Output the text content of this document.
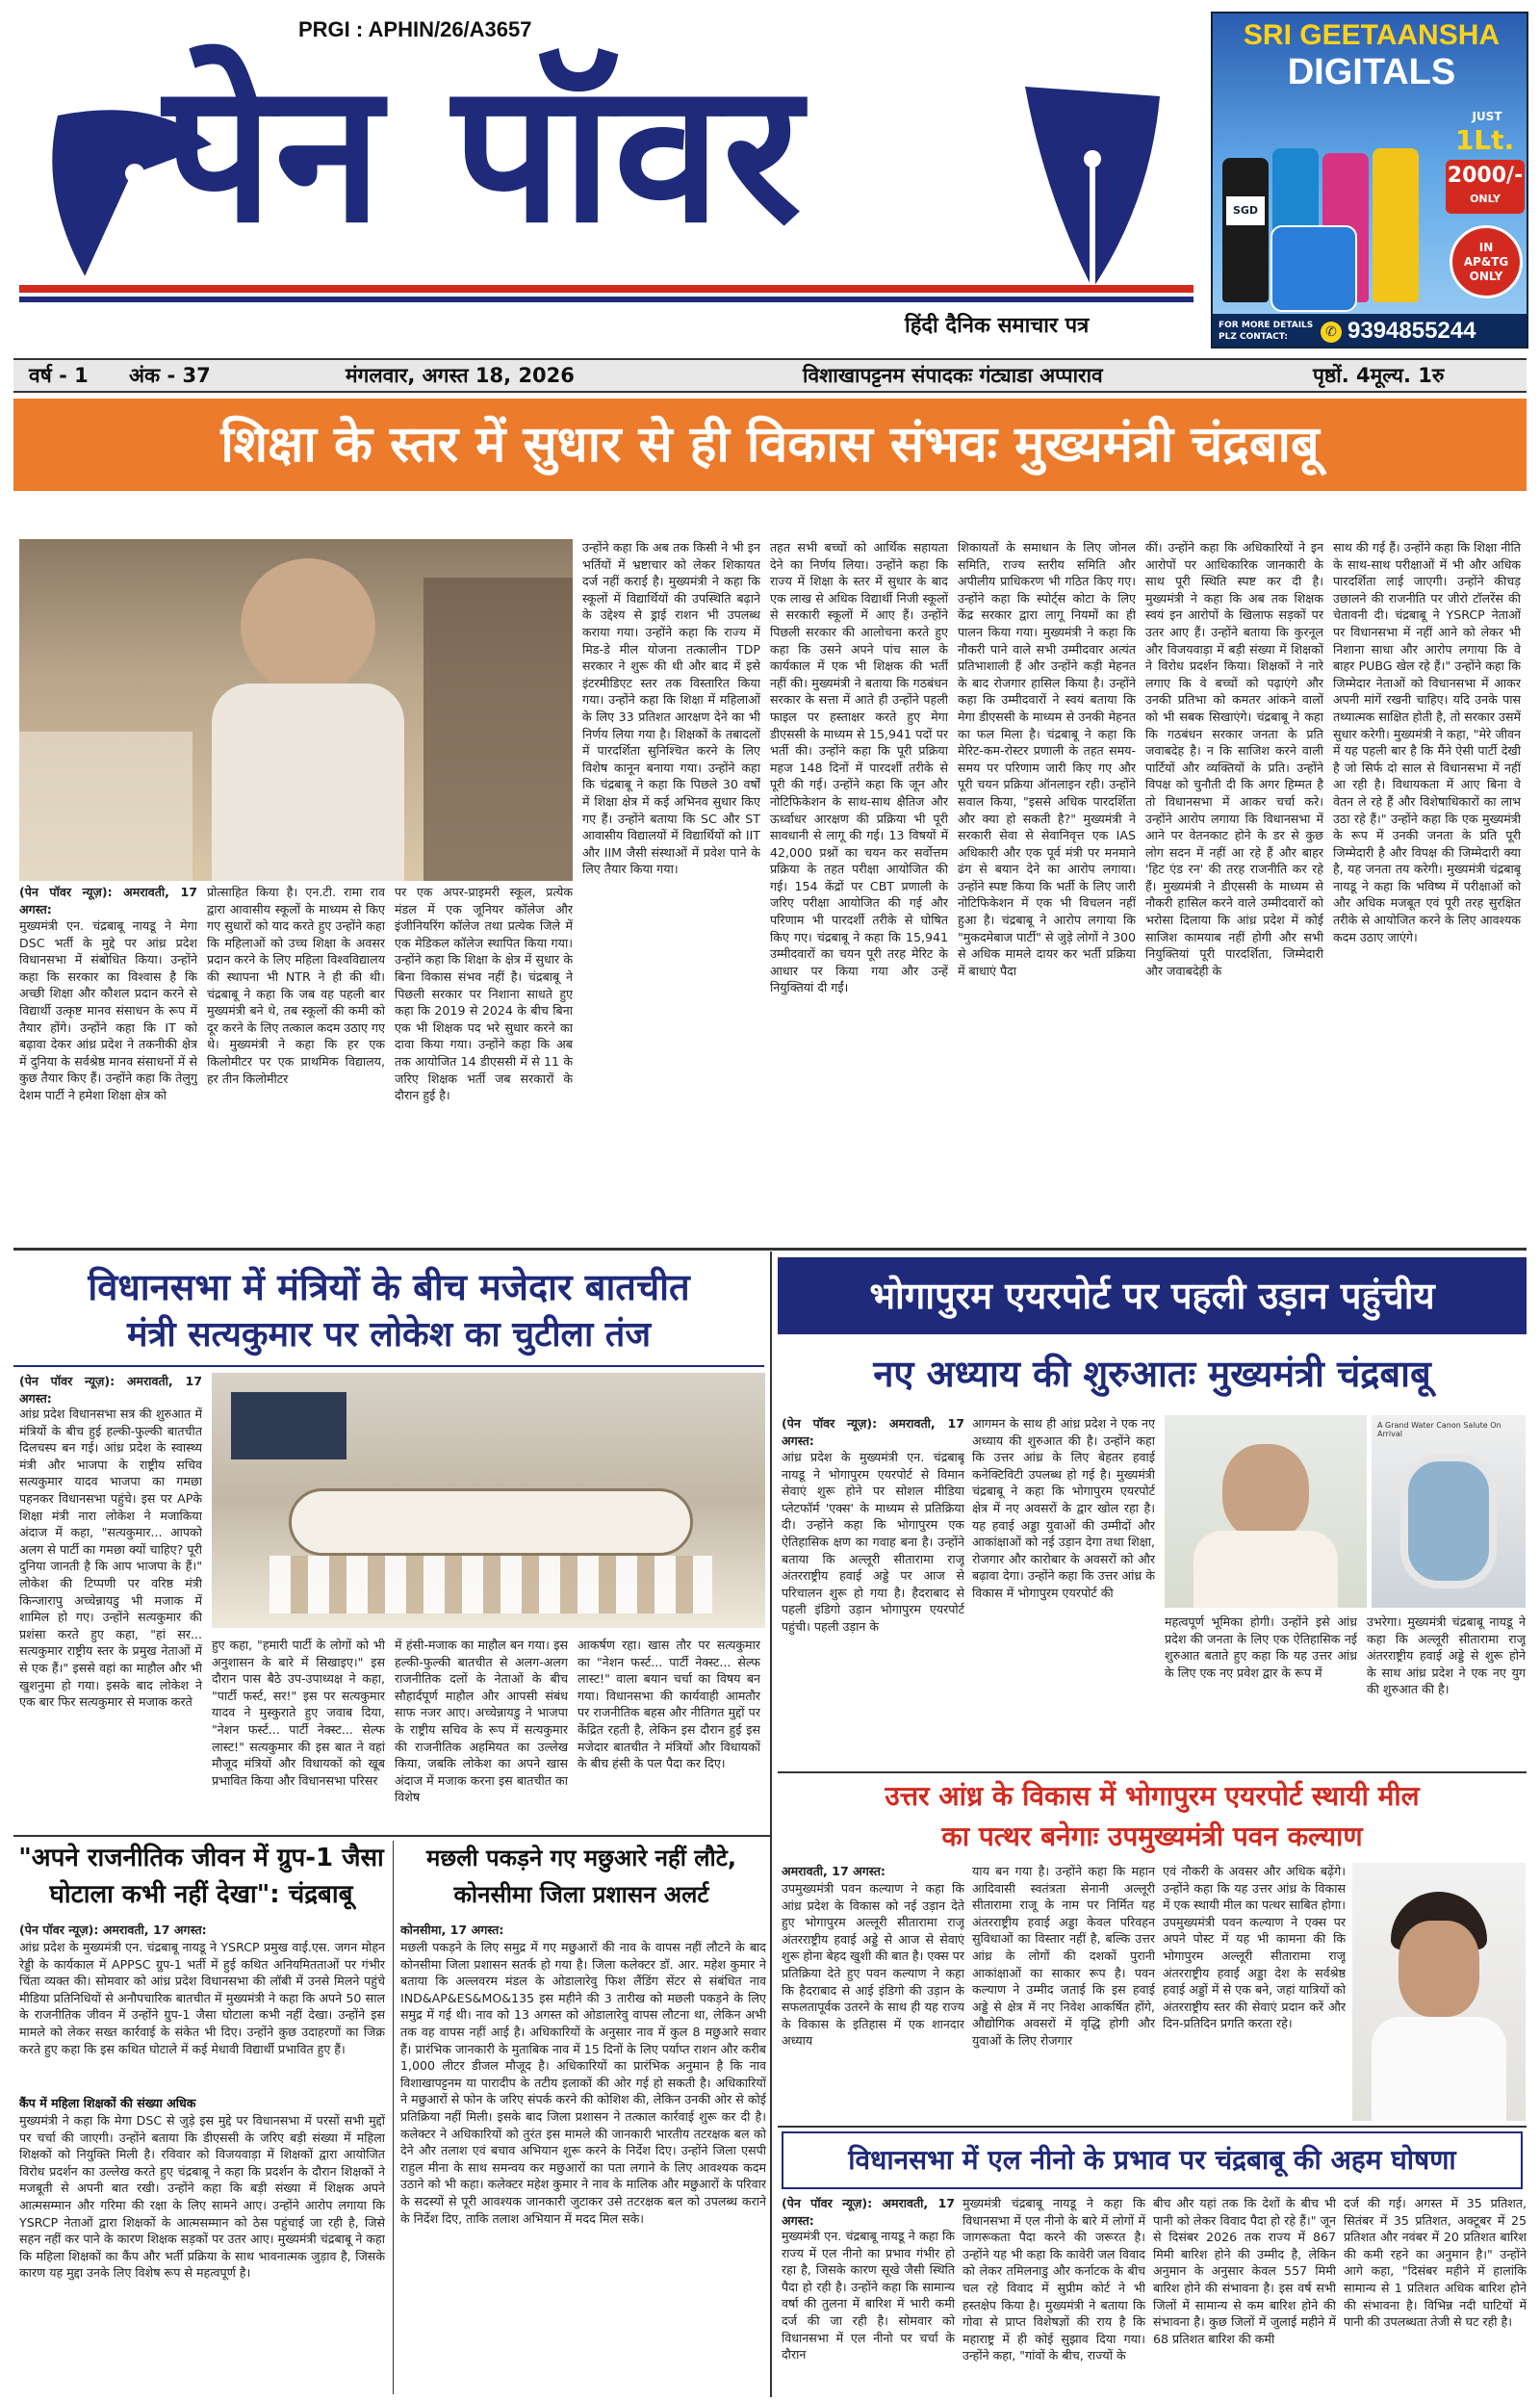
PRGI : APHIN/26/A3657
पेन पॉवर
हिंदी दैनिक समाचार पत्र
SRI GEETAANSHA
DIGITALS
SGD
JUST
1Lt.
2000/-
ONLY
IN AP&TG ONLY
FOR MORE DETAILS PLZ CONTACT:	✆ 9394855244
वर्ष - 1 अंक - 37	मंगलवार, अगस्त 18, 2026	विशाखापट्टनम संपादकः गंट्याडा अप्पाराव	पृष्ठों. 4मूल्य. 1रु
शिक्षा के स्तर में सुधार से ही विकास संभवः मुख्यमंत्री चंद्रबाबू
(पेन पॉवर न्यूज़): अमरावती, 17 अगस्त:
मुख्यमंत्री एन. चंद्रबाबू नायडू ने मेगा DSC भर्ती के मुद्दे पर आंध्र प्रदेश विधानसभा में संबोधित किया। उन्होंने कहा कि सरकार का विश्वास है कि अच्छी शिक्षा और कौशल प्रदान करने से विद्यार्थी उत्कृष्ट मानव संसाधन के रूप में तैयार होंगे। उन्होंने कहा कि IT को बढ़ावा देकर आंध्र प्रदेश ने तकनीकी क्षेत्र में दुनिया के सर्वश्रेष्ठ मानव संसाधनों में से कुछ तैयार किए हैं। उन्होंने कहा कि तेलुगु देशम पार्टी ने हमेशा शिक्षा क्षेत्र को
प्रोत्साहित किया है। एन.टी. रामा राव द्वारा आवासीय स्कूलों के माध्यम से किए गए सुधारों को याद करते हुए उन्होंने कहा कि महिलाओं को उच्च शिक्षा के अवसर प्रदान करने के लिए महिला विश्वविद्यालय की स्थापना भी NTR ने ही की थी। चंद्रबाबू ने कहा कि जब वह पहली बार मुख्यमंत्री बने थे, तब स्कूलों की कमी को दूर करने के लिए तत्काल कदम उठाए गए थे। मुख्यमंत्री ने कहा कि हर एक किलोमीटर पर एक प्राथमिक विद्यालय, हर तीन किलोमीटर
पर एक अपर-प्राइमरी स्कूल, प्रत्येक मंडल में एक जूनियर कॉलेज और इंजीनियरिंग कॉलेज तथा प्रत्येक जिले में एक मेडिकल कॉलेज स्थापित किया गया। उन्होंने कहा कि शिक्षा के क्षेत्र में सुधार के बिना विकास संभव नहीं है। चंद्रबाबू ने पिछली सरकार पर निशाना साधते हुए कहा कि 2019 से 2024 के बीच बिना एक भी शिक्षक पद भरे सुधार करने का दावा किया गया। उन्होंने कहा कि अब तक आयोजित 14 डीएससी में से 11 के जरिए शिक्षक भर्ती जब सरकारों के दौरान हुई है।
उन्होंने कहा कि अब तक किसी ने भी इन भर्तियों में भ्रष्टाचार को लेकर शिकायत दर्ज नहीं कराई है। मुख्यमंत्री ने कहा कि स्कूलों में विद्यार्थियों की उपस्थिति बढ़ाने के उद्देश्य से ड्राई राशन भी उपलब्ध कराया गया। उन्होंने कहा कि राज्य में मिड-डे मील योजना तत्कालीन TDP सरकार ने शुरू की थी और बाद में इसे इंटरमीडिएट स्तर तक विस्तारित किया गया। उन्होंने कहा कि शिक्षा में महिलाओं के लिए 33 प्रतिशत आरक्षण देने का भी निर्णय लिया गया है। शिक्षकों के तबादलों में पारदर्शिता सुनिश्चित करने के लिए विशेष कानून बनाया गया। उन्होंने कहा कि चंद्रबाबू ने कहा कि पिछले 30 वर्षों में शिक्षा क्षेत्र में कई अभिनव सुधार किए गए हैं। उन्होंने बताया कि SC और ST आवासीय विद्यालयों में विद्यार्थियों को IIT और IIM जैसी संस्थाओं में प्रवेश पाने के लिए तैयार किया गया।
तहत सभी बच्चों को आर्थिक सहायता देने का निर्णय लिया। उन्होंने कहा कि राज्य में शिक्षा के स्तर में सुधार के बाद एक लाख से अधिक विद्यार्थी निजी स्कूलों से सरकारी स्कूलों में आए हैं। उन्होंने पिछली सरकार की आलोचना करते हुए कहा कि उसने अपने पांच साल के कार्यकाल में एक भी शिक्षक की भर्ती नहीं की। मुख्यमंत्री ने बताया कि गठबंधन सरकार के सत्ता में आते ही उन्होंने पहली फाइल पर हस्ताक्षर करते हुए मेगा डीएससी के माध्यम से 15,941 पदों पर भर्ती की। उन्होंने कहा कि पूरी प्रक्रिया महज 148 दिनों में पारदर्शी तरीके से पूरी की गई। उन्होंने कहा कि जून और नोटिफिकेशन के साथ-साथ क्षैतिज और ऊर्ध्वाधर आरक्षण की प्रक्रिया भी पूरी सावधानी से लागू की गई। 13 विषयों में 42,000 प्रश्नों का चयन कर सर्वोत्तम प्रक्रिया के तहत परीक्षा आयोजित की गई। 154 केंद्रों पर CBT प्रणाली के जरिए परीक्षा आयोजित की गई और परिणाम भी पारदर्शी तरीके से घोषित किए गए। चंद्रबाबू ने कहा कि 15,941 उम्मीदवारों का चयन पूरी तरह मेरिट के आधार पर किया गया और उन्हें नियुक्तियां दी गईं।
शिकायतों के समाधान के लिए जोनल समिति, राज्य स्तरीय समिति और अपीलीय प्राधिकरण भी गठित किए गए। उन्होंने कहा कि स्पोर्ट्स कोटा के लिए केंद्र सरकार द्वारा लागू नियमों का ही पालन किया गया। मुख्यमंत्री ने कहा कि नौकरी पाने वाले सभी उम्मीदवार अत्यंत प्रतिभाशाली हैं और उन्होंने कड़ी मेहनत के बाद रोजगार हासिल किया है। उन्होंने कहा कि उम्मीदवारों ने स्वयं बताया कि मेगा डीएससी के माध्यम से उनकी मेहनत का फल मिला है। चंद्रबाबू ने कहा कि मेरिट-कम-रोस्टर प्रणाली के तहत समय-समय पर परिणाम जारी किए गए और पूरी चयन प्रक्रिया ऑनलाइन रही। उन्होंने सवाल किया, "इससे अधिक पारदर्शिता और क्या हो सकती है?" मुख्यमंत्री ने सरकारी सेवा से सेवानिवृत्त एक IAS अधिकारी और एक पूर्व मंत्री पर मनमाने ढंग से बयान देने का आरोप लगाया। उन्होंने स्पष्ट किया कि भर्ती के लिए जारी नोटिफिकेशन में एक भी विचलन नहीं हुआ है। चंद्रबाबू ने आरोप लगाया कि "मुकदमेबाज पार्टी" से जुड़े लोगों ने 300 से अधिक मामले दायर कर भर्ती प्रक्रिया में बाधाएं पैदा
कीं। उन्होंने कहा कि अधिकारियों ने इन आरोपों पर आधिकारिक जानकारी के साथ पूरी स्थिति स्पष्ट कर दी है। मुख्यमंत्री ने कहा कि अब तक शिक्षक स्वयं इन आरोपों के खिलाफ सड़कों पर उतर आए हैं। उन्होंने बताया कि कुरनूल और विजयवाड़ा में बड़ी संख्या में शिक्षकों ने विरोध प्रदर्शन किया। शिक्षकों ने नारे लगाए कि वे बच्चों को पढ़ाएंगे और उनकी प्रतिभा को कमतर आंकने वालों को भी सबक सिखाएंगे। चंद्रबाबू ने कहा कि गठबंधन सरकार जनता के प्रति जवाबदेह है। न कि साजिश करने वाली पार्टियों और व्यक्तियों के प्रति। उन्होंने विपक्ष को चुनौती दी कि अगर हिम्मत है तो विधानसभा में आकर चर्चा करे। उन्होंने आरोप लगाया कि विधानसभा में आने पर वेतनकाट होने के डर से कुछ लोग सदन में नहीं आ रहे हैं और बाहर 'हिट एंड रन' की तरह राजनीति कर रहे हैं। मुख्यमंत्री ने डीएससी के माध्यम से नौकरी हासिल करने वाले उम्मीदवारों को भरोसा दिलाया कि आंध्र प्रदेश में कोई साजिश कामयाब नहीं होगी और सभी नियुक्तियां पूरी पारदर्शिता, जिम्मेदारी और जवाबदेही के
साथ की गई हैं। उन्होंने कहा कि शिक्षा नीति के साथ-साथ परीक्षाओं में भी और अधिक पारदर्शिता लाई जाएगी। उन्होंने कीचड़ उछालने की राजनीति पर जीरो टॉलरेंस की चेतावनी दी। चंद्रबाबू ने YSRCP नेताओं पर विधानसभा में नहीं आने को लेकर भी निशाना साधा और आरोप लगाया कि वे बाहर PUBG खेल रहे हैं।" उन्होंने कहा कि जिम्मेदार नेताओं को विधानसभा में आकर अपनी मांगें रखनी चाहिए। यदि उनके पास तथ्यात्मक साक्षित होती है, तो सरकार उसमें सुधार करेगी। मुख्यमंत्री ने कहा, "मेरे जीवन में यह पहली बार है कि मैंने ऐसी पार्टी देखी है जो सिर्फ दो साल से विधानसभा में नहीं आ रही है। विधायकता में आए बिना वे वेतन ले रहे हैं और विशेषाधिकारों का लाभ उठा रहे हैं।" उन्होंने कहा कि एक मुख्यमंत्री के रूप में उनकी जनता के प्रति पूरी जिम्मेदारी है और विपक्ष की जिम्मेदारी क्या है, यह जनता तय करेगी। मुख्यमंत्री चंद्रबाबू नायडू ने कहा कि भविष्य में परीक्षाओं को और अधिक मजबूत एवं पूरी तरह सुरक्षित तरीके से आयोजित करने के लिए आवश्यक कदम उठाए जाएंगे।
विधानसभा में मंत्रियों के बीच मजेदार बातचीत
मंत्री सत्यकुमार पर लोकेश का चुटीला तंज
(पेन पॉवर न्यूज़): अमरावती, 17 अगस्त:
आंध्र प्रदेश विधानसभा सत्र की शुरुआत में मंत्रियों के बीच हुई हल्की-फुल्की बातचीत दिलचस्प बन गई। आंध्र प्रदेश के स्वास्थ्य मंत्री और भाजपा के राष्ट्रीय सचिव सत्यकुमार यादव भाजपा का गमछा पहनकर विधानसभा पहुंचे। इस पर APके शिक्षा मंत्री नारा लोकेश ने मजाकिया अंदाज में कहा, "सत्यकुमार... आपको अलग से पार्टी का गमछा क्यों चाहिए? पूरी दुनिया जानती है कि आप भाजपा के हैं।" लोकेश की टिप्पणी पर वरिष्ठ मंत्री किन्जारापु अच्चेन्नायडु भी मजाक में शामिल हो गए। उन्होंने सत्यकुमार की प्रशंसा करते हुए कहा, "हां सर... सत्यकुमार राष्ट्रीय स्तर के प्रमुख नेताओं में से एक हैं।" इससे वहां का माहौल और भी खुशनुमा हो गया। इसके बाद लोकेश ने एक बार फिर सत्यकुमार से मजाक करते
हुए कहा, "हमारी पार्टी के लोगों को भी अनुशासन के बारे में सिखाइए।" इस दौरान पास बैठे उप-उपाध्यक्ष ने कहा, "पार्टी फर्स्ट, सर!" इस पर सत्यकुमार यादव ने मुस्कुराते हुए जवाब दिया, "नेशन फर्स्ट... पार्टी नेक्स्ट... सेल्फ लास्ट!" सत्यकुमार की इस बात ने वहां मौजूद मंत्रियों और विधायकों को खूब प्रभावित किया और विधानसभा परिसर
में हंसी-मजाक का माहौल बन गया। इस हल्की-फुल्की बातचीत से अलग-अलग राजनीतिक दलों के नेताओं के बीच सौहार्दपूर्ण माहौल और आपसी संबंध साफ नजर आए। अच्चेन्नायडु ने भाजपा के राष्ट्रीय सचिव के रूप में सत्यकुमार की राजनीतिक अहमियत का उल्लेख किया, जबकि लोकेश का अपने खास अंदाज में मजाक करना इस बातचीत का विशेष
आकर्षण रहा। खास तौर पर सत्यकुमार का "नेशन फर्स्ट... पार्टी नेक्स्ट... सेल्फ लास्ट!" वाला बयान चर्चा का विषय बन गया। विधानसभा की कार्यवाही आमतौर पर राजनीतिक बहस और नीतिगत मुद्दों पर केंद्रित रहती है, लेकिन इस दौरान हुई इस मजेदार बातचीत ने मंत्रियों और विधायकों के बीच हंसी के पल पैदा कर दिए।
"अपने राजनीतिक जीवन में ग्रुप-1 जैसा
घोटाला कभी नहीं देखा": चंद्रबाबू
(पेन पॉवर न्यूज़): अमरावती, 17 अगस्त:
आंध्र प्रदेश के मुख्यमंत्री एन. चंद्रबाबू नायडू ने YSRCP प्रमुख वाई.एस. जगन मोहन रेड्डी के कार्यकाल में APPSC ग्रुप-1 भर्ती में हुई कथित अनियमितताओं पर गंभीर चिंता व्यक्त की। सोमवार को आंध्र प्रदेश विधानसभा की लॉबी में उनसे मिलने पहुंचे मीडिया प्रतिनिधियों से अनौपचारिक बातचीत में मुख्यमंत्री ने कहा कि अपने 50 साल के राजनीतिक जीवन में उन्होंने ग्रुप-1 जैसा घोटाला कभी नहीं देखा। उन्होंने इस मामले को लेकर सख्त कार्रवाई के संकेत भी दिए। उन्होंने कुछ उदाहरणों का जिक्र करते हुए कहा कि इस कथित घोटाले में कई मेधावी विद्यार्थी प्रभावित हुए हैं।
कैंप में महिला शिक्षकों की संख्या अधिक
मुख्यमंत्री ने कहा कि मेगा DSC से जुड़े इस मुद्दे पर विधानसभा में परसों सभी मुद्दों पर चर्चा की जाएगी। उन्होंने बताया कि डीएससी के जरिए बड़ी संख्या में महिला शिक्षकों को नियुक्ति मिली है। रविवार को विजयवाड़ा में शिक्षकों द्वारा आयोजित विरोध प्रदर्शन का उल्लेख करते हुए चंद्रबाबू ने कहा कि प्रदर्शन के दौरान शिक्षकों ने मजबूती से अपनी बात रखी। उन्होंने कहा कि बड़ी संख्या में शिक्षक अपने आत्मसम्मान और गरिमा की रक्षा के लिए सामने आए। उन्होंने आरोप लगाया कि YSRCP नेताओं द्वारा शिक्षकों के आत्मसम्मान को ठेस पहुंचाई जा रही है, जिसे सहन नहीं कर पाने के कारण शिक्षक सड़कों पर उतर आए। मुख्यमंत्री चंद्रबाबू ने कहा कि महिला शिक्षकों का कैंप और भर्ती प्रक्रिया के साथ भावनात्मक जुड़ाव है, जिसके कारण यह मुद्दा उनके लिए विशेष रूप से महत्वपूर्ण है।
मछली पकड़ने गए मछुआरे नहीं लौटे,
कोनसीमा जिला प्रशासन अलर्ट
कोनसीमा, 17 अगस्त:
मछली पकड़ने के लिए समुद्र में गए मछुआरों की नाव के वापस नहीं लौटने के बाद कोनसीमा जिला प्रशासन सतर्क हो गया है। जिला कलेक्टर डॉ. आर. महेश कुमार ने बताया कि अल्लवरम मंडल के ओडालारेवु फिश लैंडिंग सेंटर से संबंधित नाव IND&AP&ES&MO&135 इस महीने की 3 तारीख को मछली पकड़ने के लिए समुद्र में गई थी। नाव को 13 अगस्त को ओडालारेवु वापस लौटना था, लेकिन अभी तक वह वापस नहीं आई है। अधिकारियों के अनुसार नाव में कुल 8 मछुआरे सवार हैं। प्रारंभिक जानकारी के मुताबिक नाव में 15 दिनों के लिए पर्याप्त राशन और करीब 1,000 लीटर डीजल मौजूद है। अधिकारियों का प्रारंभिक अनुमान है कि नाव विशाखापट्टनम या पारादीप के तटीय इलाकों की ओर गई हो सकती है। अधिकारियों ने मछुआरों से फोन के जरिए संपर्क करने की कोशिश की, लेकिन उनकी ओर से कोई प्रतिक्रिया नहीं मिली। इसके बाद जिला प्रशासन ने तत्काल कार्रवाई शुरू कर दी है। कलेक्टर ने अधिकारियों को तुरंत इस मामले की जानकारी भारतीय तटरक्षक बल को देने और तलाश एवं बचाव अभियान शुरू करने के निर्देश दिए। उन्होंने जिला एसपी राहुल मीना के साथ समन्वय कर मछुआरों का पता लगाने के लिए आवश्यक कदम उठाने को भी कहा। कलेक्टर महेश कुमार ने नाव के मालिक और मछुआरों के परिवार के सदस्यों से पूरी आवश्यक जानकारी जुटाकर उसे तटरक्षक बल को उपलब्ध कराने के निर्देश दिए, ताकि तलाश अभियान में मदद मिल सके।
भोगापुरम एयरपोर्ट पर पहली उड़ान पहुंचीय
नए अध्याय की शुरुआतः मुख्यमंत्री चंद्रबाबू
(पेन पॉवर न्यूज़): अमरावती, 17 अगस्त:
आंध्र प्रदेश के मुख्यमंत्री एन. चंद्रबाबू नायडू ने भोगापुरम एयरपोर्ट से विमान सेवाएं शुरू होने पर सोशल मीडिया प्लेटफॉर्म 'एक्स' के माध्यम से प्रतिक्रिया दी। उन्होंने कहा कि भोगापुरम एक ऐतिहासिक क्षण का गवाह बना है। उन्होंने बताया कि अल्लूरी सीतारामा राजू अंतरराष्ट्रीय हवाई अड्डे पर आज से परिचालन शुरू हो गया है। हैदराबाद से पहली इंडिगो उड़ान भोगापुरम एयरपोर्ट पहुंची। पहली उड़ान के
आगमन के साथ ही आंध्र प्रदेश ने एक नए अध्याय की शुरुआत की है। उन्होंने कहा कि उत्तर आंध्र के लिए बेहतर हवाई कनेक्टिविटी उपलब्ध हो गई है। मुख्यमंत्री चंद्रबाबू ने कहा कि भोगापुरम एयरपोर्ट क्षेत्र में नए अवसरों के द्वार खोल रहा है। यह हवाई अड्डा युवाओं की उम्मीदों और आकांक्षाओं को नई उड़ान देगा तथा शिक्षा, रोजगार और कारोबार के अवसरों को और बढ़ावा देगा। उन्होंने कहा कि उत्तर आंध्र के विकास में भोगापुरम एयरपोर्ट की
A Grand Water Canon Salute On Arrival
महत्वपूर्ण भूमिका होगी। उन्होंने इसे आंध्र प्रदेश की जनता के लिए एक ऐतिहासिक नई शुरुआत बताते हुए कहा कि यह उत्तर आंध्र के लिए एक नए प्रवेश द्वार के रूप में
उभरेगा। मुख्यमंत्री चंद्रबाबू नायडू ने कहा कि अल्लूरी सीतारामा राजू अंतरराष्ट्रीय हवाई अड्डे से शुरू होने के साथ आंध्र प्रदेश ने एक नए युग की शुरुआत की है।
उत्तर आंध्र के विकास में भोगापुरम एयरपोर्ट स्थायी मील
का पत्थर बनेगाः उपमुख्यमंत्री पवन कल्याण
अमरावती, 17 अगस्त:
उपमुख्यमंत्री पवन कल्याण ने कहा कि आंध्र प्रदेश के विकास को नई उड़ान देते हुए भोगापुरम अल्लूरी सीतारामा राजू अंतरराष्ट्रीय हवाई अड्डे से आज से सेवाएं शुरू होना बेहद खुशी की बात है। एक्स पर प्रतिक्रिया देते हुए पवन कल्याण ने कहा कि हैदराबाद से आई इंडिगो की उड़ान के सफलतापूर्वक उतरने के साथ ही यह राज्य के विकास के इतिहास में एक शानदार अध्याय
याय बन गया है। उन्होंने कहा कि महान आदिवासी स्वतंत्रता सेनानी अल्लूरी सीतारामा राजू के नाम पर निर्मित यह अंतरराष्ट्रीय हवाई अड्डा केवल परिवहन सुविधाओं का विस्तार नहीं है, बल्कि उत्तर आंध्र के लोगों की दशकों पुरानी आकांक्षाओं का साकार रूप है। पवन कल्याण ने उम्मीद जताई कि इस हवाई अड्डे से क्षेत्र में नए निवेश आकर्षित होंगे, औद्योगिक अवसरों में वृद्धि होगी और युवाओं के लिए रोजगार
एवं नौकरी के अवसर और अधिक बढ़ेंगे। उन्होंने कहा कि यह उत्तर आंध्र के विकास में एक स्थायी मील का पत्थर साबित होगा। उपमुख्यमंत्री पवन कल्याण ने एक्स पर अपने पोस्ट में यह भी कामना की कि भोगापुरम अल्लूरी सीतारामा राजू अंतरराष्ट्रीय हवाई अड्डा देश के सर्वश्रेष्ठ हवाई अड्डों में से एक बने, जहां यात्रियों को अंतरराष्ट्रीय स्तर की सेवाएं प्रदान करें और दिन-प्रतिदिन प्रगति करता रहे।
विधानसभा में एल नीनो के प्रभाव पर चंद्रबाबू की अहम घोषणा
(पेन पॉवर न्यूज़): अमरावती, 17 अगस्त:
मुख्यमंत्री एन. चंद्रबाबू नायडू ने कहा कि राज्य में एल नीनो का प्रभाव गंभीर हो रहा है, जिसके कारण सूखे जैसी स्थिति पैदा हो रही है। उन्होंने कहा कि सामान्य वर्षा की तुलना में बारिश में भारी कमी दर्ज की जा रही है। सोमवार को विधानसभा में एल नीनो पर चर्चा के दौरान
मुख्यमंत्री चंद्रबाबू नायडू ने कहा कि विधानसभा में एल नीनो के बारे में लोगों में जागरूकता पैदा करने की जरूरत है। उन्होंने यह भी कहा कि कावेरी जल विवाद को लेकर तमिलनाडु और कर्नाटक के बीच चल रहे विवाद में सुप्रीम कोर्ट ने भी हस्तक्षेप किया है। मुख्यमंत्री ने बताया कि गोवा से प्राप्त विशेषज्ञों की राय है कि महाराष्ट्र में ही कोई सुझाव दिया गया। उन्होंने कहा, "गांवों के बीच, राज्यों के
बीच और यहां तक कि देशों के बीच भी पानी को लेकर विवाद पैदा हो रहे हैं।" जून से दिसंबर 2026 तक राज्य में 867 मिमी बारिश होने की उम्मीद है, लेकिन अनुमान के अनुसार केवल 557 मिमी बारिश होने की संभावना है। इस वर्ष सभी जिलों में सामान्य से कम बारिश होने की संभावना है। कुछ जिलों में जुलाई महीने में 68 प्रतिशत बारिश की कमी
दर्ज की गई। अगस्त में 35 प्रतिशत, सितंबर में 35 प्रतिशत, अक्टूबर में 25 प्रतिशत और नवंबर में 20 प्रतिशत बारिश की कमी रहने का अनुमान है।" उन्होंने आगे कहा, "दिसंबर महीने में हालांकि सामान्य से 1 प्रतिशत अधिक बारिश होने की संभावना है। विभिन्न नदी घाटियों में पानी की उपलब्धता तेजी से घट रही है।
